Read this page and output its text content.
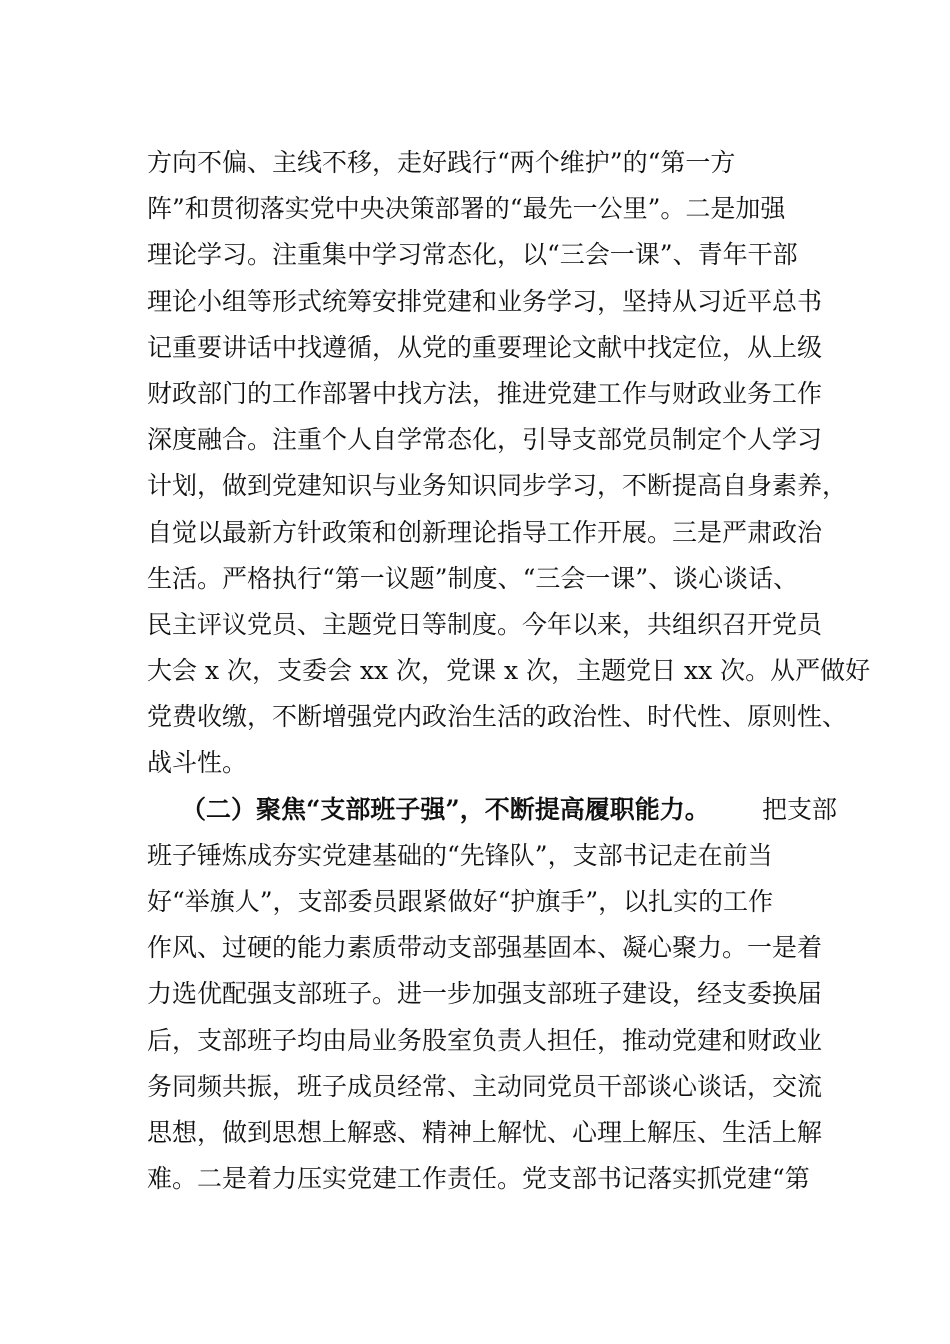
方向不偏、主线不移，走好践行“两个维护”的“第一方
阵”和贯彻落实党中央决策部署的“最先一公里”。二是加强
理论学习。注重集中学习常态化，以“三会一课”、青年干部
理论小组等形式统筹安排党建和业务学习，坚持从习近平总书
记重要讲话中找遵循，从党的重要理论文献中找定位，从上级
财政部门的工作部署中找方法，推进党建工作与财政业务工作
深度融合。注重个人自学常态化，引导支部党员制定个人学习
计划，做到党建知识与业务知识同步学习，不断提高自身素养，
自觉以最新方针政策和创新理论指导工作开展。三是严肃政治
生活。严格执行“第一议题”制度、“三会一课”、谈心谈话、
民主评议党员、主题党日等制度。今年以来，共组织召开党员
大会 x 次，支委会 xx 次，党课 x 次，主题党日 xx 次。从严做好
党费收缴，不断增强党内政治生活的政治性、时代性、原则性、
战斗性。
（二）聚焦“支部班子强”，不断提高履职能力。 把支部
班子锤炼成夯实党建基础的“先锋队”，支部书记走在前当
好“举旗人”，支部委员跟紧做好“护旗手”，以扎实的工作
作风、过硬的能力素质带动支部强基固本、凝心聚力。一是着
力选优配强支部班子。进一步加强支部班子建设，经支委换届
后，支部班子均由局业务股室负责人担任，推动党建和财政业
务同频共振，班子成员经常、主动同党员干部谈心谈话，交流
思想，做到思想上解惑、精神上解忧、心理上解压、生活上解
难。二是着力压实党建工作责任。党支部书记落实抓党建“第
